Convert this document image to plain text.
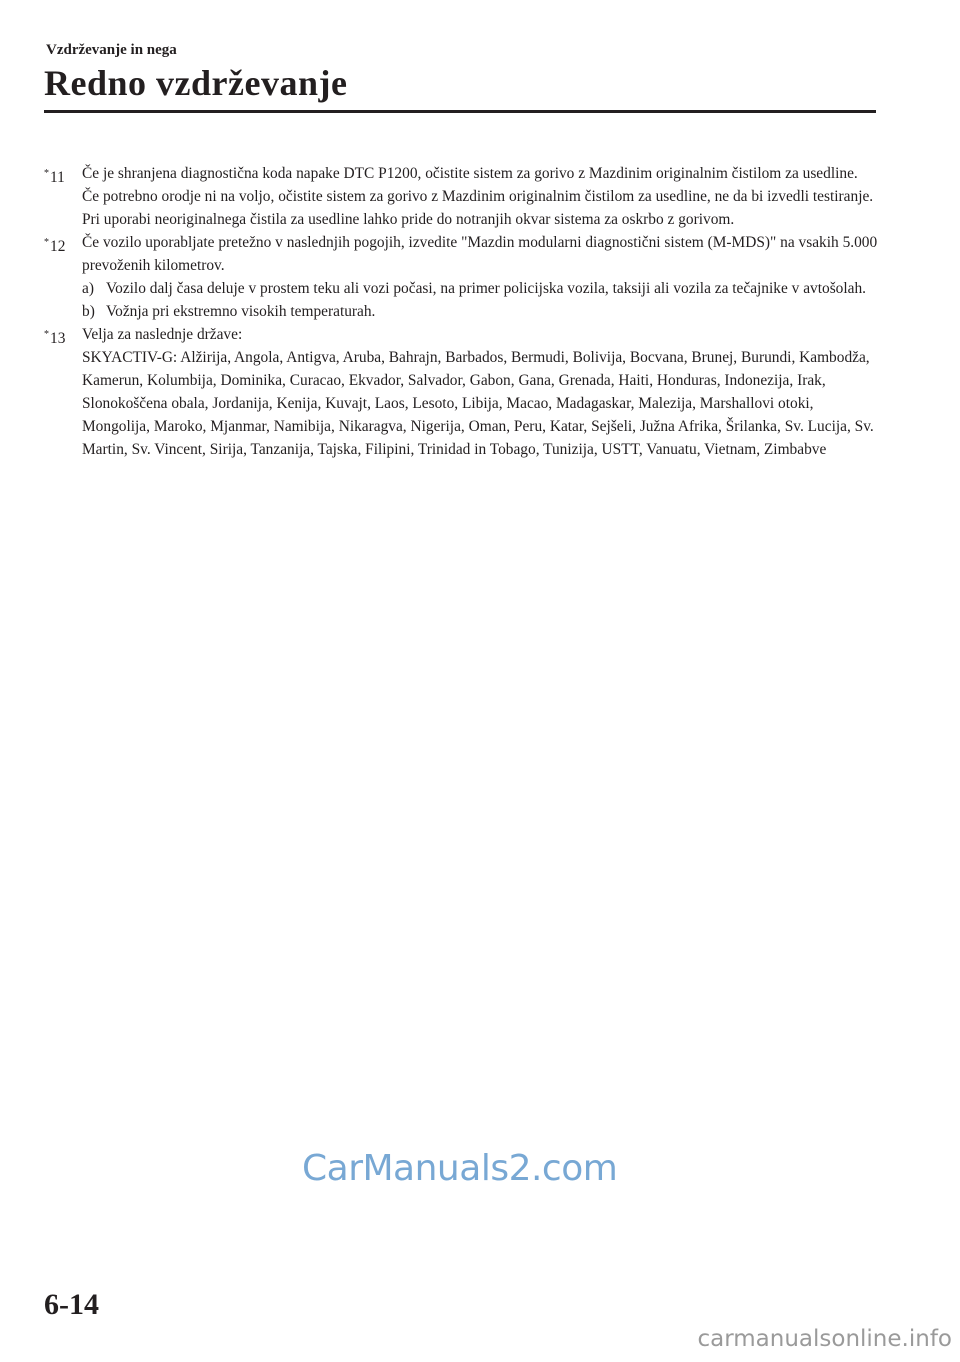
Vzdrževanje in nega
Redno vzdrževanje
*11 Če je shranjena diagnostična koda napake DTC P1200, očistite sistem za gorivo z Mazdinim originalnim čistilom za usedline.

Če potrebno orodje ni na voljo, očistite sistem za gorivo z Mazdinim originalnim čistilom za usedline, ne da bi izvedli testiranje.

Pri uporabi neoriginalnega čistila za usedline lahko pride do notranjih okvar sistema za oskrbo z gorivom.

*12 Če vozilo uporabljate pretežno v naslednjih pogojih, izvedite "Mazdin modularni diagnostični sistem (M-MDS)" na vsakih 5.000 prevoženih kilometrov.

a) Vozilo dalj časa deluje v prostem teku ali vozi počasi, na primer policijska vozila, taksiji ali vozila za tečajnike v avtošolah.
b) Vožnja pri ekstremno visokih temperaturah.
*13 Velja za naslednje države:

SKYACTIV-G: Alžirija, Angola, Antigva, Aruba, Bahrajn, Barbados, Bermudi, Bolivija, Bocvana, Brunej, Burundi, Kambodža, Kamerun, Kolumbija, Dominika, Curacao, Ekvador, Salvador, Gabon, Gana, Grenada, Haiti, Honduras, Indonezija, Irak, Slonokoščena obala, Jordanija, Kenija, Kuvajt, Laos, Lesoto, Libija, Macao, Madagaskar, Malezija, Marshallovi otoki, Mongolija, Maroko, Mjanmar, Namibija, Nikaragva, Nigerija, Oman, Peru, Katar, Sejšeli, Južna Afrika, Šrilanka, Sv. Lucija, Sv. Martin, Sv. Vincent, Sirija, Tanzanija, Tajska, Filipini, Trinidad in Tobago, Tunizija, USTT, Vanuatu, Vietnam, Zimbabve

CarManuals2.com
6-14
carmanualsonline.info
